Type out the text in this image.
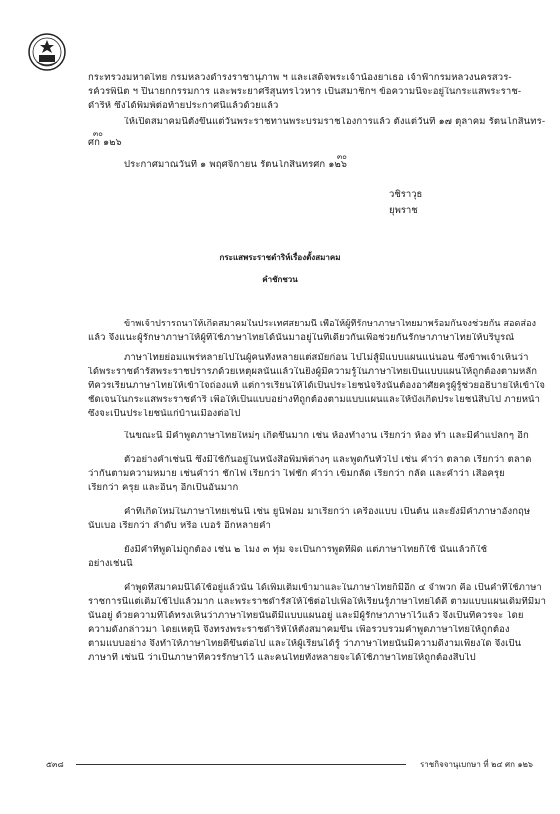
กระทรวงมหาดไทย กรมหลวงดำรงราชานุภาพ ฯ และเสด็จพระเจ้าน้องยาเธอ เจ้าฟ้ากรมหลวงนครสวร-
รค์วรพินิต ฯ ปีนายกกรรมการ และพระยาศรีสุนทรโวหาร เป็นสมาชิกฯ ข้อความนี้จะอยู่ในกระแสพระราช-
ดำริห์ ซึ่งได้พิมพ์ต่อท้ายประกาศนี้แล้วด้วยแล้ว
ให้เปิดสมาคมนี้ตั้งขึ้นแต่วันพระราชทานพระบรมราชโองการแล้ว ตั้งแต่วันที่ ๑๗ ตุลาคม รัตนโกสินทร-
๓๐
ศก ๑๒๖
๓๐
ประกาศมาณวันที่ ๑ พฤศจิกายน รัตนโกสินทรศก ๑๒๖
วชิราวุธ
ยุพราช
กระแสพระราชดำริห์เรื่องตั้งสมาคม
คำชักชวน
ข้าพเจ้าปรารถนาให้เกิดสมาคมในประเทศสยามนี้ เพื่อให้ผู้ที่รักษาภาษาไทยมาพร้อมกันจงช่วยกัน สอดส่อง
แล้ว จึงแนะผู้รักษาภาษาให้ผู้ที่ใช้ภาษาไทยได้นั้นมาอยู่ในที่เดียวกันเพื่อช่วยกันรักษาภาษาไทยให้บริบูรณ์
ภาษาไทยย่อมแพร่หลายไปในผู้คนทั้งหลายแต่สมัยก่อน ไปไม่สู้มีแบบแผนแน่นอน ซึ่งข้าพเจ้าเห็นว่า
ได้พระราชดำรัสพระราชปรารภด้วยเหตุผลนั้นแล้วในยิ่งผู้มีความรู้ในภาษาไทยเป็นแบบแผนให้ถูกต้องตามหลัก
ที่ควรเรียนภาษาไทยให้เข้าใจถ่องแท้ แต่การเรียนให้ได้เป็นประโยชน์จริงนั้นต้องอาศัยครูผู้รู้ช่วยอธิบายให้เข้าใจ
ชัดเจนในกระแสพระราชดำริ เพื่อให้เป็นแบบอย่างที่ถูกต้องตามแบบแผนและให้บังเกิดประโยชน์สืบไป ภายหน้า
ซึ่งจะเป็นประโยชน์แก่บ้านเมืองต่อไป
ในขณะนี้ มีคำพูดภาษาไทยใหม่ๆ เกิดขึ้นมาก เช่น ห้องทำงาน เรียกว่า ห้อง ทำ และมีคำแปลกๆ อีก
ตัวอย่างคำเช่นนี้ ซึ่งมีใช้กันอยู่ในหนังสือพิมพ์ต่างๆ และพูดกันทั่วไป เช่น คำว่า ตลาด เรียกว่า ตลาด
ว่ากันตามความหมาย เช่นคำว่า ชักไฟ เรียกว่า ไฟชัก คำว่า เข็มกลัด เรียกว่า กลัด และคำว่า เสื้อครุย
เรียกว่า ครุย และอื่นๆ อีกเป็นอันมาก
คำที่เกิดใหม่ในภาษาไทยเช่นนี้ เช่น ยูนิฟอม มาเรียกว่า เครื่องแบบ เป็นต้น และยังมีคำภาษาอังกฤษ
นับเบอ เรียกว่า ลำดับ หรือ เบอร์ อีกหลายคำ
ยังมีคำที่พูดไม่ถูกต้อง เช่น ๒ โมง ๓ ทุ่ม จะเป็นการพูดที่ผิด แต่ภาษาไทยก็ใช้ นั้นแล้วก็ใช้
อย่างเช่นนี้
คำพูดที่สมาคมนี้ได้ใช้อยู่แล้วนั้น ได้เพิ่มเติมเข้ามาและในภาษาไทยก็มีอีก ๔ จำพวก คือ เป็นคำที่ใช้ภาษา
ราชการนี้แต่เดิมใช้ไปแล้วมาก และพระราชดำรัสให้ใช้ต่อไปเพื่อให้เรียนรู้ภาษาไทยได้ดี ตามแบบแผนเดิมที่มีมา
นั้นอยู่ ด้วยความที่ได้ทรงเห็นว่าภาษาไทยนั้นดีมีแบบแผนอยู่ และมีผู้รักษาภาษาไว้แล้ว จึงเป็นที่ควรจะ โดย
ความดังกล่าวมา โดยเหตุนี้ จึงทรงพระราชดำริห์ให้ตั้งสมาคมขึ้น เพื่อรวบรวมคำพูดภาษาไทยให้ถูกต้อง
ตามแบบอย่าง จึงทำให้ภาษาไทยดีขึ้นต่อไป และให้ผู้เรียนได้รู้ ว่าภาษาไทยนั้นมีความดีงามเพียงใด จึงเป็น
ภาษาที่ เช่นนี้ ว่าเป็นภาษาที่ควรรักษาไว้ และคนไทยทั้งหลายจะได้ใช้ภาษาไทยให้ถูกต้องสืบไป
๕๓๘	ราชกิจจานุเบกษา ที่ ๒๔ ศก ๑๒๖
